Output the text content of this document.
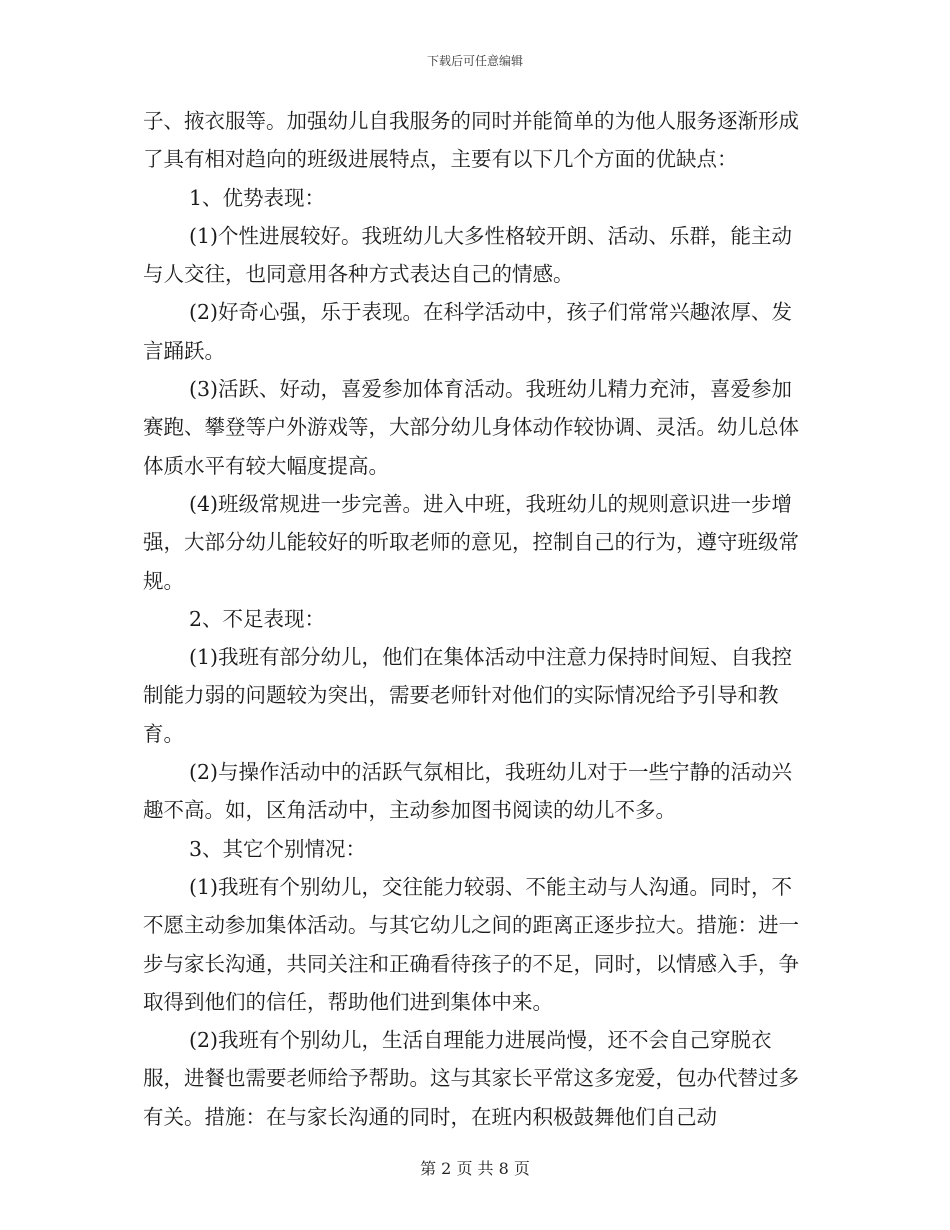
下载后可任意编辑

子、掖衣服等。加强幼儿自我服务的同时并能简单的为他人服务逐渐形成了具有相对趋向的班级进展特点，主要有以下几个方面的优缺点：

1、优势表现：

(1)个性进展较好。我班幼儿大多性格较开朗、活动、乐群，能主动与人交往，也同意用各种方式表达自己的情感。

(2)好奇心强，乐于表现。在科学活动中，孩子们常常兴趣浓厚、发言踊跃。

(3)活跃、好动，喜爱参加体育活动。我班幼儿精力充沛，喜爱参加赛跑、攀登等户外游戏等，大部分幼儿身体动作较协调、灵活。幼儿总体体质水平有较大幅度提高。

(4)班级常规进一步完善。进入中班，我班幼儿的规则意识进一步增强，大部分幼儿能较好的听取老师的意见，控制自己的行为，遵守班级常规。

2、不足表现：

(1)我班有部分幼儿，他们在集体活动中注意力保持时间短、自我控制能力弱的问题较为突出，需要老师针对他们的实际情况给予引导和教育。

(2)与操作活动中的活跃气氛相比，我班幼儿对于一些宁静的活动兴趣不高。如，区角活动中，主动参加图书阅读的幼儿不多。

3、其它个别情况：

(1)我班有个别幼儿，交往能力较弱、不能主动与人沟通。同时，不不愿主动参加集体活动。与其它幼儿之间的距离正逐步拉大。措施：进一步与家长沟通，共同关注和正确看待孩子的不足，同时，以情感入手，争取得到他们的信任，帮助他们进到集体中来。

(2)我班有个别幼儿，生活自理能力进展尚慢，还不会自己穿脱衣服，进餐也需要老师给予帮助。这与其家长平常这多宠爱，包办代替过多有关。措施：在与家长沟通的同时，在班内积极鼓舞他们自己动

第 2 页 共 8 页
